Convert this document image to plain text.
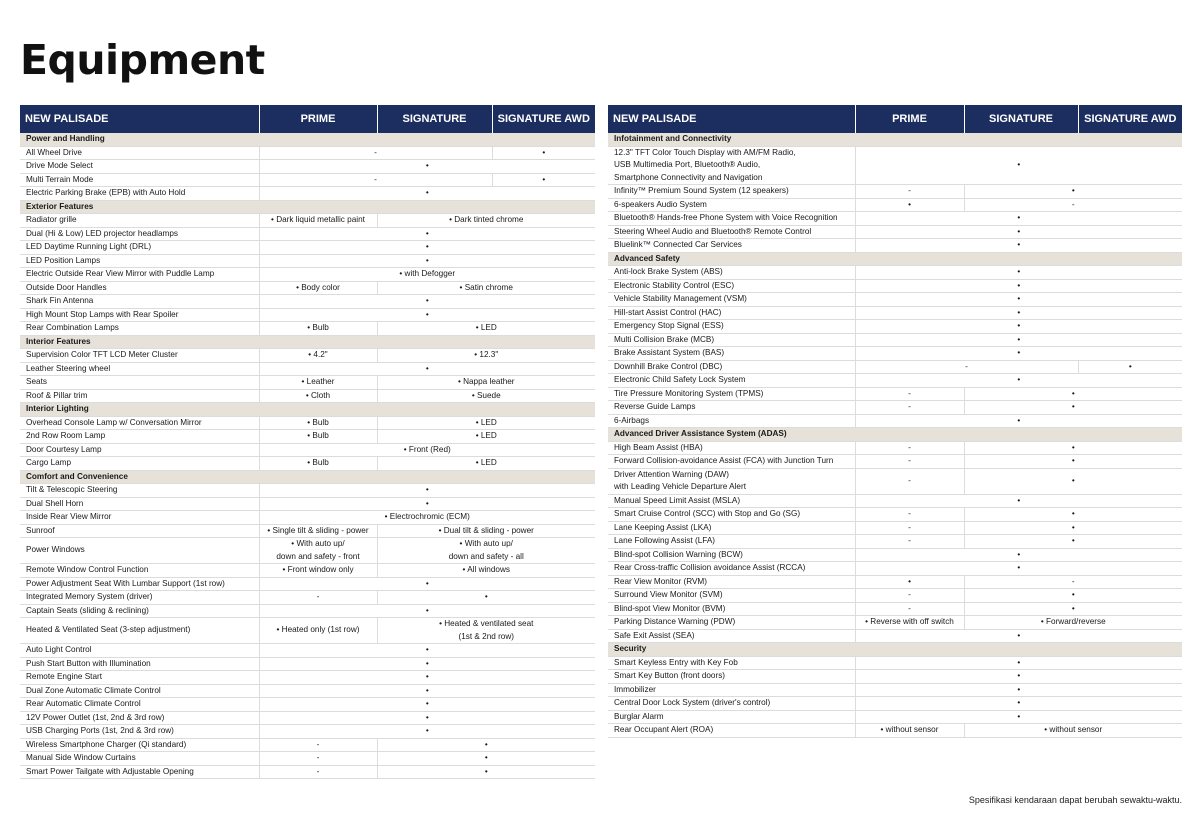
Equipment
NEW PALISADE	PRIME	SIGNATURE	SIGNATURE AWD
Power and Handling			
All Wheel Drive	-		•
Drive Mode Select	•		
Multi Terrain Mode	-		•
Electric Parking Brake (EPB) with Auto Hold	•		
Exterior Features			
Radiator grille	• Dark liquid metallic paint	• Dark tinted chrome	
Dual (Hi & Low) LED projector headlamps	•		
LED Daytime Running Light (DRL)	•		
LED Position Lamps	•		
Electric Outside Rear View Mirror with Puddle Lamp	• with Defogger		
Outside Door Handles	• Body color	• Satin chrome	
Shark Fin Antenna	•		
High Mount Stop Lamps with Rear Spoiler	•		
Rear Combination Lamps	• Bulb	• LED	
Interior Features			
Supervision Color TFT LCD Meter Cluster	• 4.2"	• 12.3"	
Leather Steering wheel	•		
Seats	• Leather	• Nappa leather	
Roof & Pillar trim	• Cloth	• Suede	
Interior Lighting			
Overhead Console Lamp w/ Conversation Mirror	• Bulb	• LED	
2nd Row Room Lamp	• Bulb	• LED	
Door Courtesy Lamp	• Front (Red)		
Cargo Lamp	• Bulb	• LED	
Comfort and Convenience			
Tilt & Telescopic Steering	•		
Dual Shell Horn	•		
Inside Rear View Mirror	• Electrochromic (ECM)		
Sunroof	• Single tilt & sliding - power	• Dual tilt & sliding - power	
Power Windows	• With auto up/
down and safety - front	• With auto up/
down and safety - all	
Remote Window Control Function	• Front window only	• All windows	
Power Adjustment Seat With Lumbar Support (1st row)	•		
Integrated Memory System (driver)	-	•	
Captain Seats (sliding & reclining)	•		
Heated & Ventilated Seat (3-step adjustment)	• Heated only (1st row)	• Heated & ventilated seat
(1st & 2nd row)	
Auto Light Control	•		
Push Start Button with Illumination	•		
Remote Engine Start	•		
Dual Zone Automatic Climate Control	•		
Rear Automatic Climate Control	•		
12V Power Outlet (1st, 2nd & 3rd row)	•		
USB Charging Ports (1st, 2nd & 3rd row)	•		
Wireless Smartphone Charger (Qi standard)	-	•	
Manual Side Window Curtains	-	•	
Smart Power Tailgate with Adjustable Opening	-	•	
NEW PALISADE	PRIME	SIGNATURE	SIGNATURE AWD
Infotainment and Connectivity			
12.3" TFT Color Touch Display with AM/FM Radio,
USB Multimedia Port, Bluetooth® Audio,
Smartphone Connectivity and Navigation	•		
Infinity™ Premium Sound System (12 speakers)	-	•	
6-speakers Audio System	•	-	
Bluetooth® Hands-free Phone System with Voice Recognition	•		
Steering Wheel Audio and Bluetooth® Remote Control	•		
Bluelink™ Connected Car Services	•		
Advanced Safety			
Anti-lock Brake System (ABS)	•		
Electronic Stability Control (ESC)	•		
Vehicle Stability Management (VSM)	•		
Hill-start Assist Control (HAC)	•		
Emergency Stop Signal (ESS)	•		
Multi Collision Brake (MCB)	•		
Brake Assistant System (BAS)	•		
Downhill Brake Control (DBC)	-		•
Electronic Child Safety Lock System	•		
Tire Pressure Monitoring System (TPMS)	-	•	
Reverse Guide Lamps	-	•	
6-Airbags	•		
Advanced Driver Assistance System (ADAS)			
High Beam Assist (HBA)	-	•	
Forward Collision-avoidance Assist (FCA) with Junction Turn	-	•	
Driver Attention Warning (DAW)
with Leading Vehicle Departure Alert	-	•	
Manual Speed Limit Assist (MSLA)	•		
Smart Cruise Control (SCC) with Stop and Go (SG)	-	•	
Lane Keeping Assist (LKA)	-	•	
Lane Following Assist (LFA)	-	•	
Blind-spot Collision Warning (BCW)	•		
Rear Cross-traffic Collision avoidance Assist (RCCA)	•		
Rear View Monitor (RVM)	•	-	
Surround View Monitor (SVM)	-	•	
Blind-spot View Monitor (BVM)	-	•	
Parking Distance Warning (PDW)	• Reverse with off switch	• Forward/reverse	
Safe Exit Assist (SEA)	•		
Security			
Smart Keyless Entry with Key Fob	•		
Smart Key Button (front doors)	•		
Immobilizer	•		
Central Door Lock System (driver's control)	•		
Burglar Alarm	•		
Rear Occupant Alert (ROA)	• without sensor	• without sensor	
Spesifikasi kendaraan dapat berubah sewaktu-waktu.
